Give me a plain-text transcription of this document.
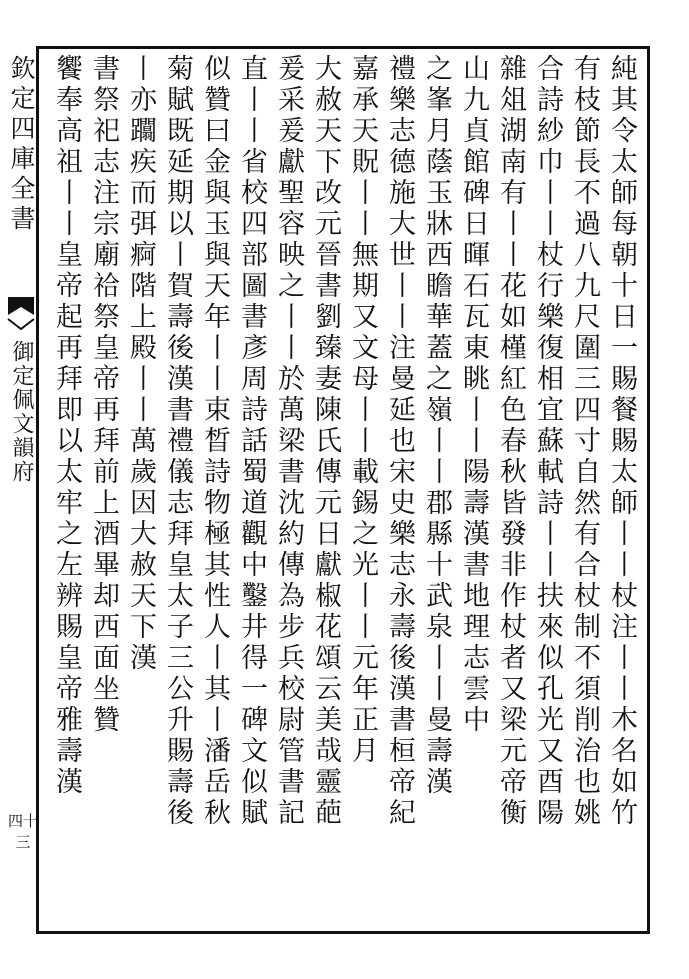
欽定四庫全書
御定佩文韻府
四十三
純其令太師每朝十日一賜餐賜太師丨丨杖注丨丨木名如竹
有枝節長不過八九尺圍三四寸自然有合杖制不須削治也姚
合詩紗巾丨丨杖行樂復相宜蘇軾詩丨丨扶來似孔光又酉陽
雜俎湖南有丨丨花如槿紅色春秋皆發非作杖者又梁元帝衡
山九貞館碑日暉石瓦東眺丨丨陽壽漢書地理志雲中
之峯月蔭玉牀西瞻華蓋之嶺丨丨郡縣十武泉丨丨曼壽漢
禮樂志德施大世丨丨注曼延也宋史樂志永壽後漢書桓帝紀
嘉承天貺丨丨無期又文母丨丨載錫之光丨丨元年正月
大赦天下改元晉書劉臻妻陳氏傳元日獻椒花頌云美哉靈葩
爰采爰獻聖容映之丨丨於萬梁書沈約傳為步兵校尉管書記
直丨丨省校四部圖書彥周詩話蜀道觀中鑿井得一碑文似賦
似贊曰金與玉與天年丨丨束晳詩物極其性人丨其丨潘岳秋
菊賦既延期以丨賀壽後漢書禮儀志拜皇太子三公升賜壽後
丨亦躢疾而弭痾階上殿丨丨萬歲因大赦天下漢
書祭祀志注宗廟祫祭皇帝再拜前上酒畢却西面坐贊
饗奉高祖丨丨皇帝起再拜即以太牢之左辨賜皇帝雅壽漢
